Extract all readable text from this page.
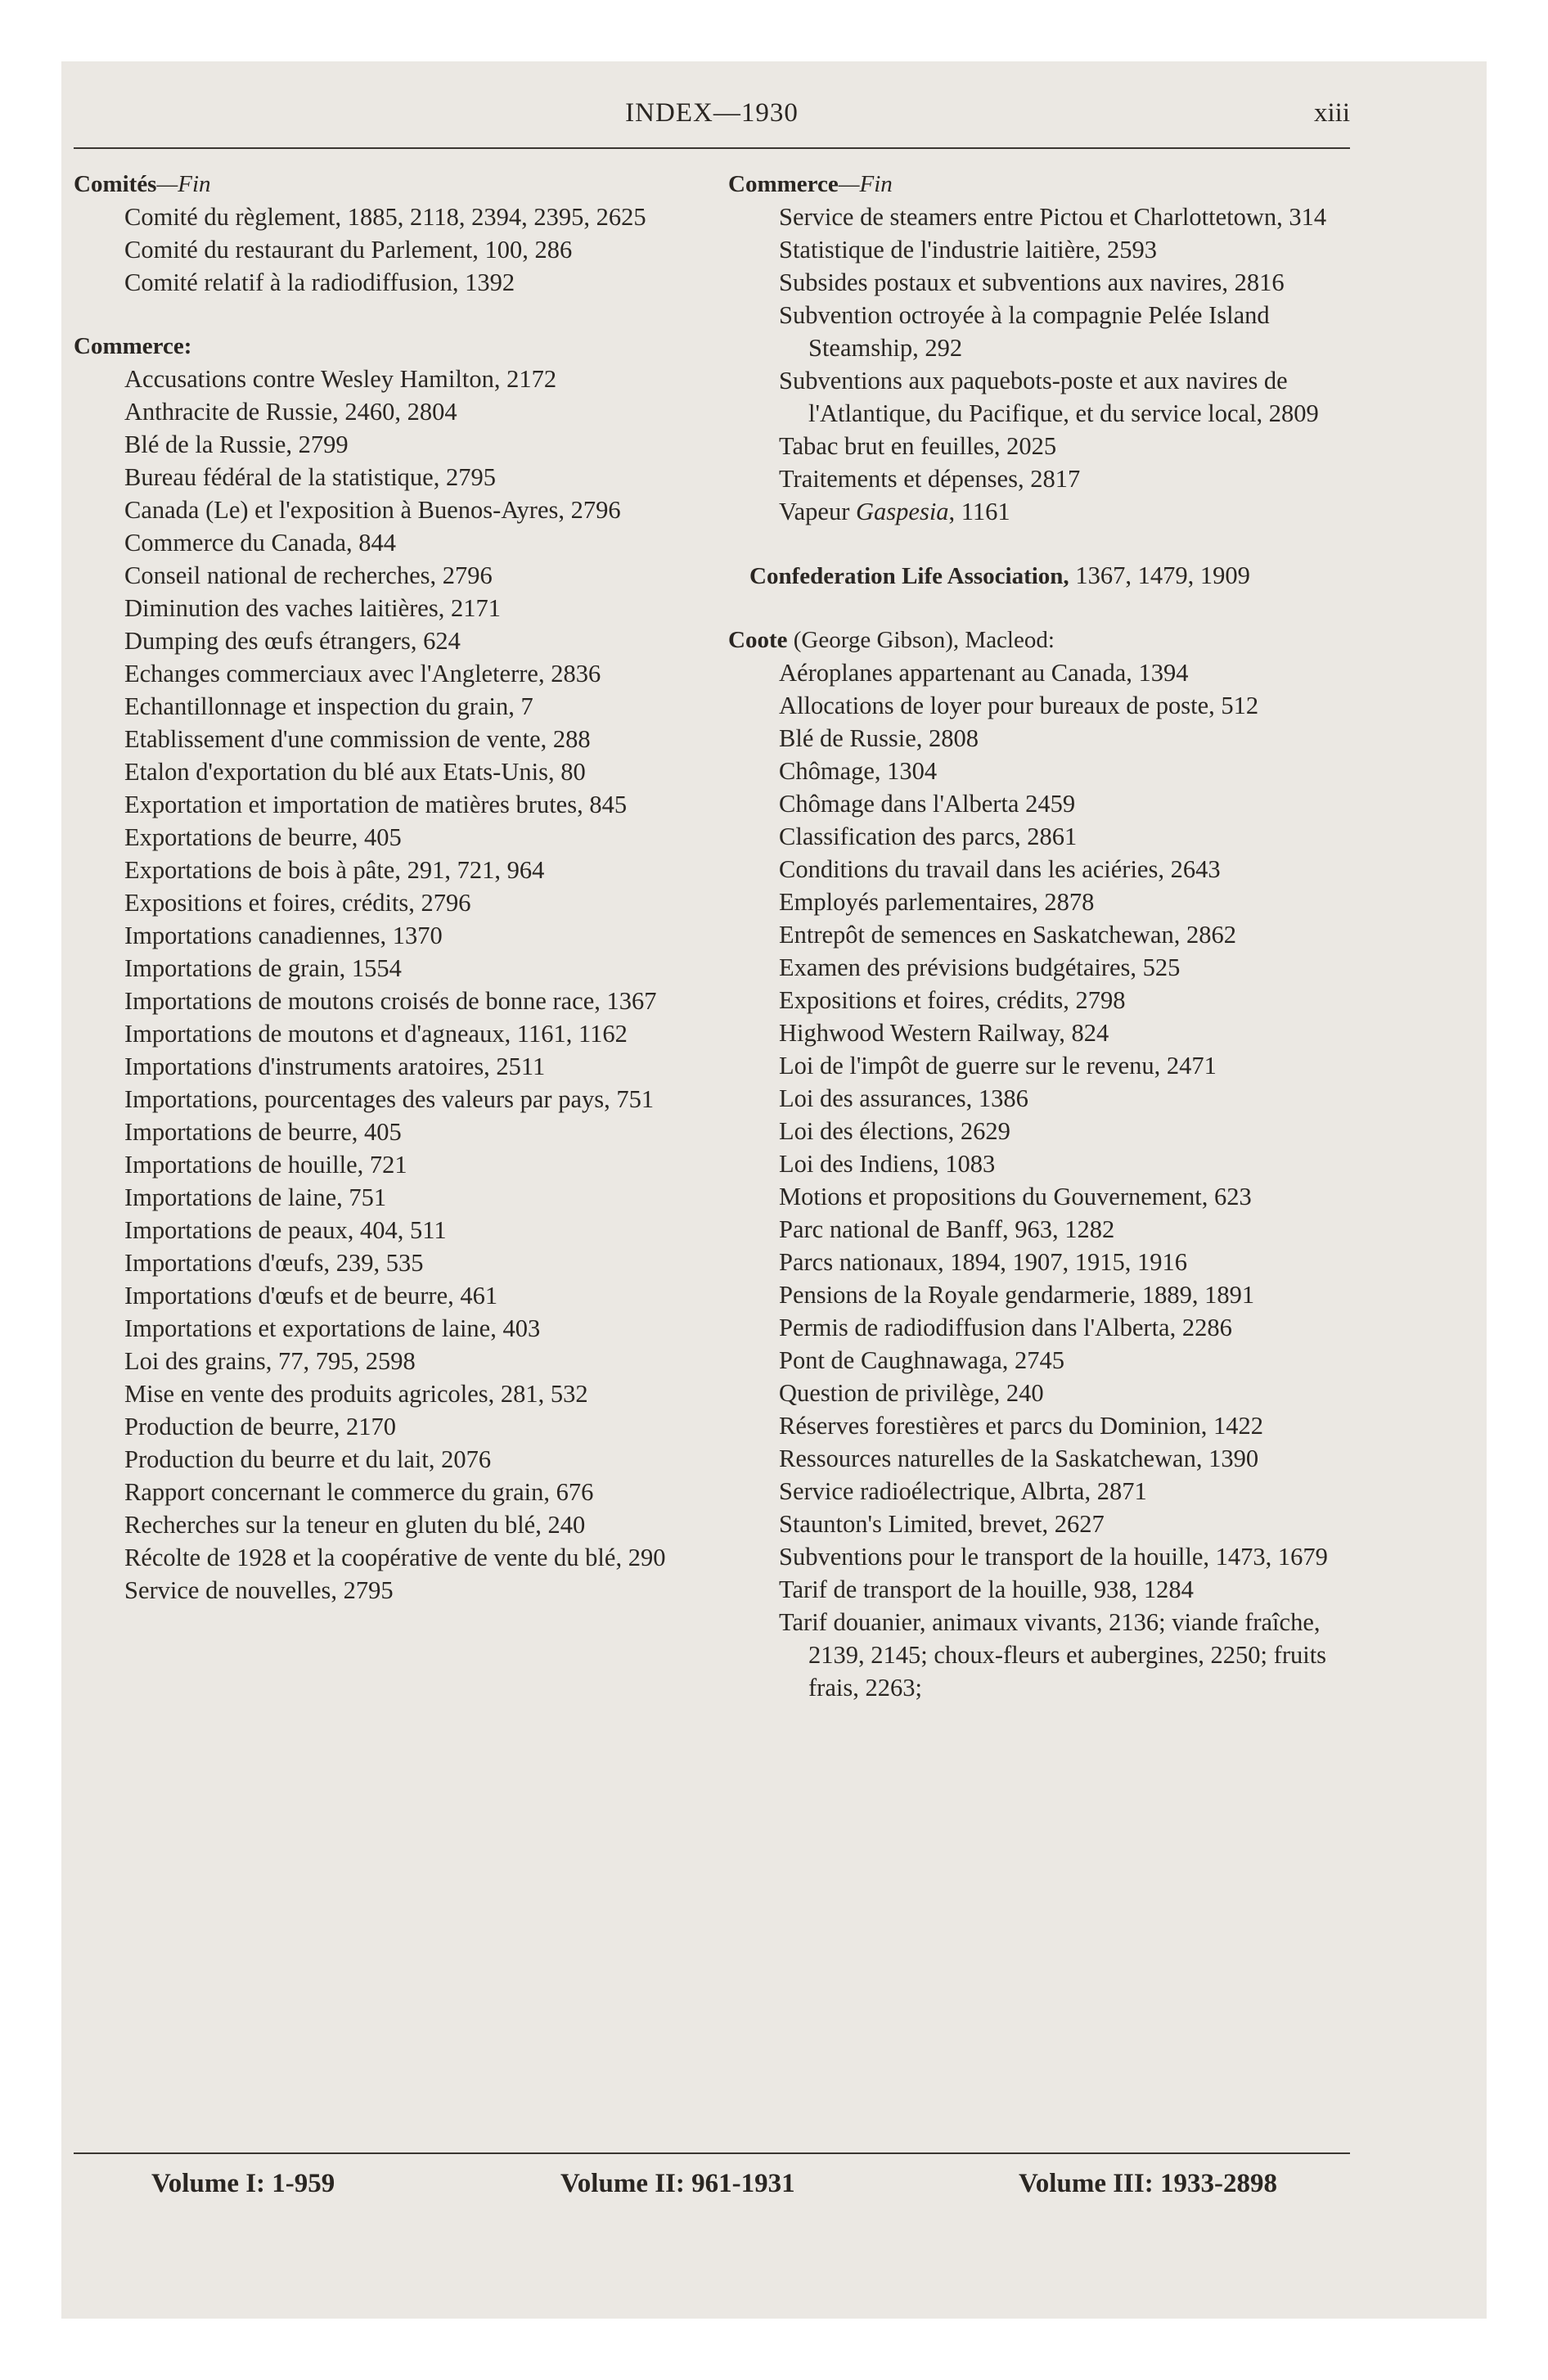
INDEX—1930	xiii
Comités—Fin
Comité du règlement, 1885, 2118, 2394, 2395, 2625
Comité du restaurant du Parlement, 100, 286
Comité relatif à la radiodiffusion, 1392
Commerce:
Accusations contre Wesley Hamilton, 2172
Anthracite de Russie, 2460, 2804
Blé de la Russie, 2799
Bureau fédéral de la statistique, 2795
Canada (Le) et l'exposition à Buenos-Ayres, 2796
Commerce du Canada, 844
Conseil national de recherches, 2796
Diminution des vaches laitières, 2171
Dumping des œufs étrangers, 624
Echanges commerciaux avec l'Angleterre, 2836
Echantillonnage et inspection du grain, 7
Etablissement d'une commission de vente, 288
Etalon d'exportation du blé aux Etats-Unis, 80
Exportation et importation de matières brutes, 845
Exportations de beurre, 405
Exportations de bois à pâte, 291, 721, 964
Expositions et foires, crédits, 2796
Importations canadiennes, 1370
Importations de grain, 1554
Importations de moutons croisés de bonne race, 1367
Importations de moutons et d'agneaux, 1161, 1162
Importations d'instruments aratoires, 2511
Importations, pourcentages des valeurs par pays, 751
Importations de beurre, 405
Importations de houille, 721
Importations de laine, 751
Importations de peaux, 404, 511
Importations d'œufs, 239, 535
Importations d'œufs et de beurre, 461
Importations et exportations de laine, 403
Loi des grains, 77, 795, 2598
Mise en vente des produits agricoles, 281, 532
Production de beurre, 2170
Production du beurre et du lait, 2076
Rapport concernant le commerce du grain, 676
Recherches sur la teneur en gluten du blé, 240
Récolte de 1928 et la coopérative de vente du blé, 290
Service de nouvelles, 2795
Commerce—Fin
Service de steamers entre Pictou et Charlottetown, 314
Statistique de l'industrie laitière, 2593
Subsides postaux et subventions aux navires, 2816
Subvention octroyée à la compagnie Pelée Island Steamship, 292
Subventions aux paquebots-poste et aux navires de l'Atlantique, du Pacifique, et du service local, 2809
Tabac brut en feuilles, 2025
Traitements et dépenses, 2817
Vapeur Gaspesia, 1161
Confederation Life Association, 1367, 1479, 1909
Coote (George Gibson), Macleod:
Aéroplanes appartenant au Canada, 1394
Allocations de loyer pour bureaux de poste, 512
Blé de Russie, 2808
Chômage, 1304
Chômage dans l'Alberta 2459
Classification des parcs, 2861
Conditions du travail dans les aciéries, 2643
Employés parlementaires, 2878
Entrepôt de semences en Saskatchewan, 2862
Examen des prévisions budgétaires, 525
Expositions et foires, crédits, 2798
Highwood Western Railway, 824
Loi de l'impôt de guerre sur le revenu, 2471
Loi des assurances, 1386
Loi des élections, 2629
Loi des Indiens, 1083
Motions et propositions du Gouvernement, 623
Parc national de Banff, 963, 1282
Parcs nationaux, 1894, 1907, 1915, 1916
Pensions de la Royale gendarmerie, 1889, 1891
Permis de radiodiffusion dans l'Alberta, 2286
Pont de Caughnawaga, 2745
Question de privilège, 240
Réserves forestières et parcs du Dominion, 1422
Ressources naturelles de la Saskatchewan, 1390
Service radioélectrique, Albrta, 2871
Staunton's Limited, brevet, 2627
Subventions pour le transport de la houille, 1473, 1679
Tarif de transport de la houille, 938, 1284
Tarif douanier, animaux vivants, 2136; viande fraîche, 2139, 2145; choux-fleurs et aubergines, 2250; fruits frais, 2263;
Volume I: 1-959	Volume II: 961-1931	Volume III: 1933-2898
